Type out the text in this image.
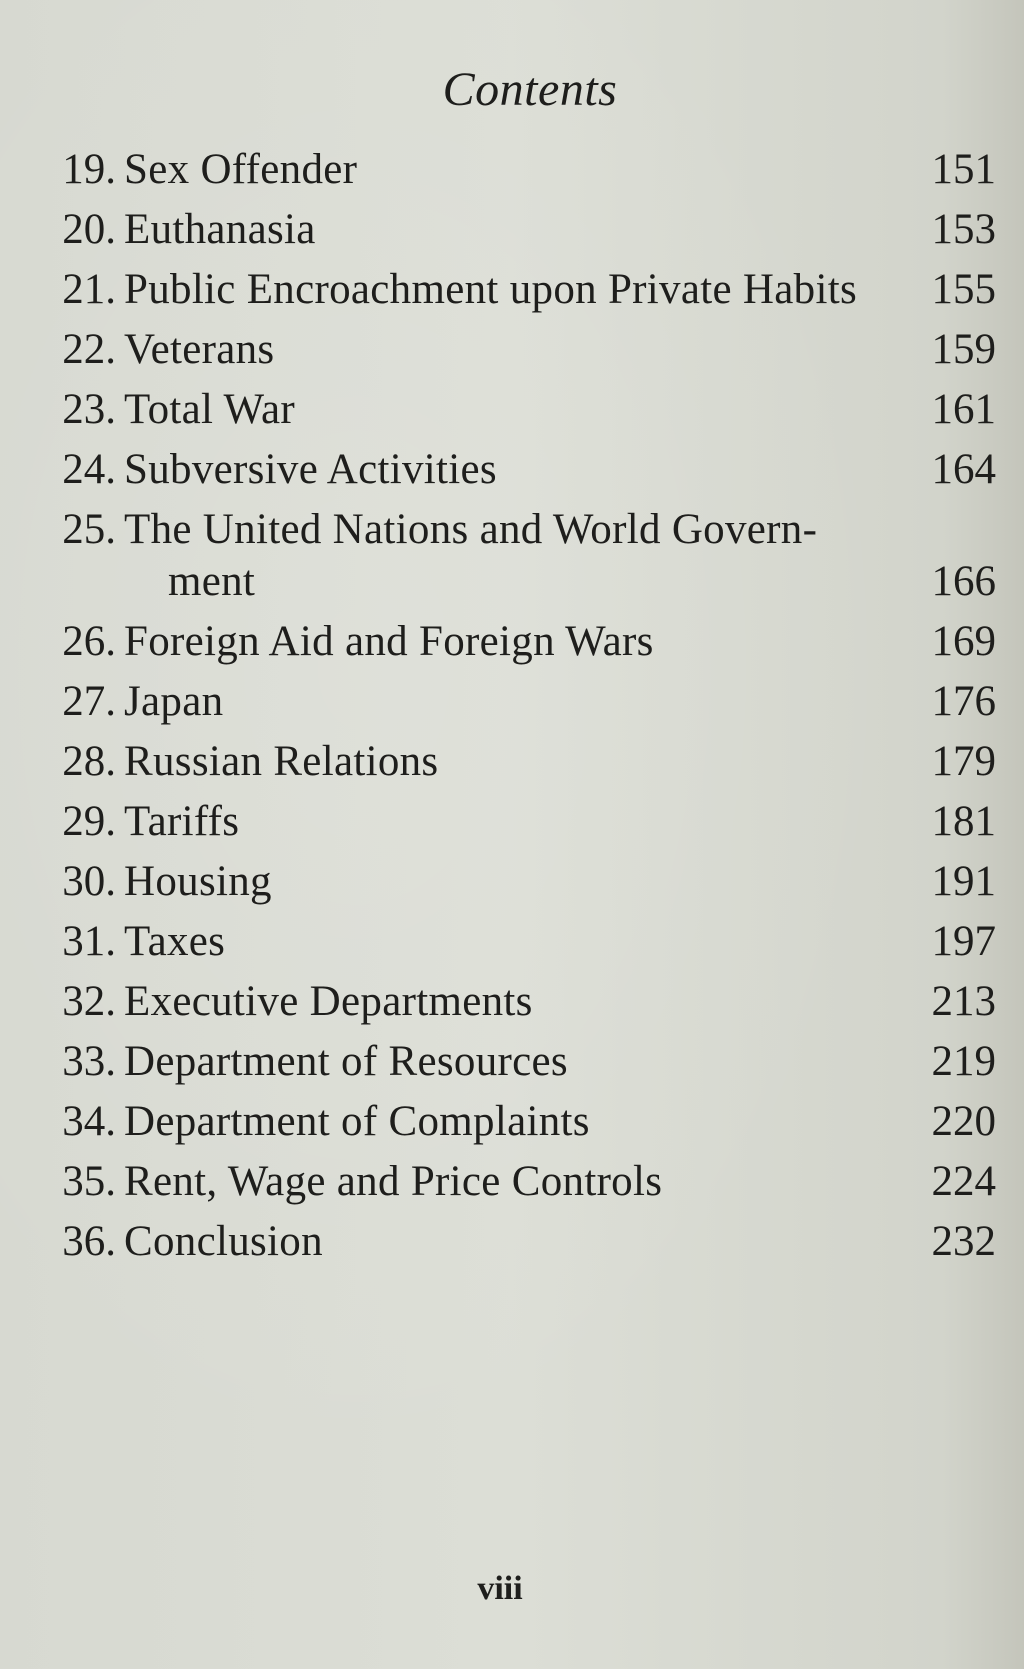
Contents
19. Sex Offender	151
20. Euthanasia	153
21. Public Encroachment upon Private Habits	155
22. Veterans	159
23. Total War	161
24. Subversive Activities	164
25. The United Nations and World Govern-
ment	166
26. Foreign Aid and Foreign Wars	169
27. Japan	176
28. Russian Relations	179
29. Tariffs	181
30. Housing	191
31. Taxes	197
32. Executive Departments	213
33. Department of Resources	219
34. Department of Complaints	220
35. Rent, Wage and Price Controls	224
36. Conclusion	232
viii
